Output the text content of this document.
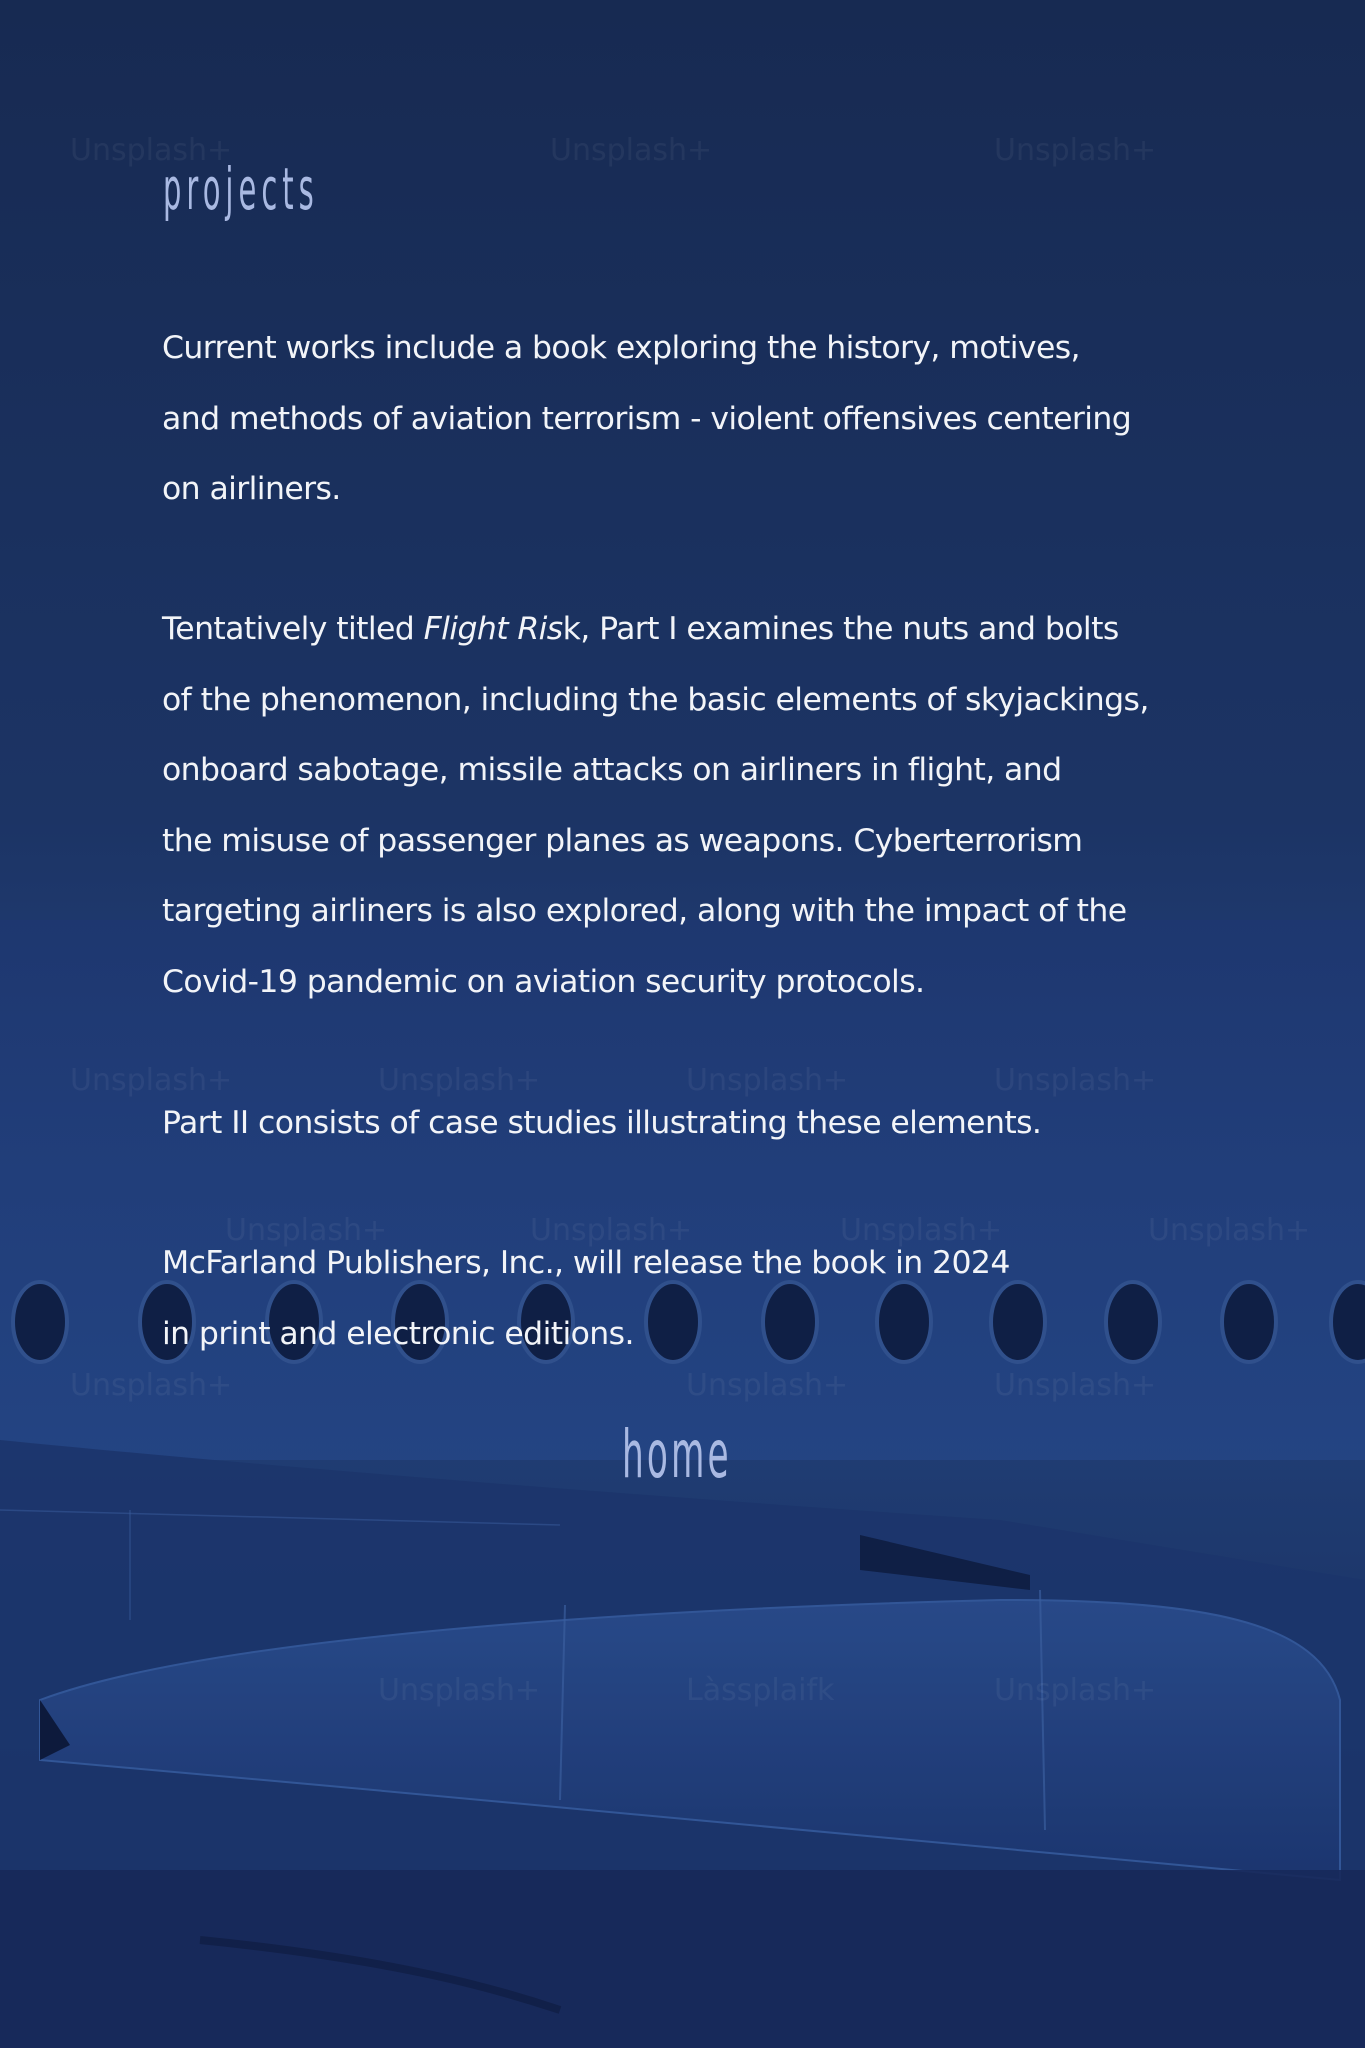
Unsplash+	Unsplash+	Unsplash+	Unsplash+
Unsplash+	Unsplash+	Unsplash+	Unsplash+
Unsplash+	Unsplash+	Unsplash+
Unsplash+	Làssplaifk	Unsplash+
Unsplash+	Unsplash+	Unsplash+
projects

Current works include a book exploring the history, motives,
and methods of aviation terrorism - violent offensives centering
on airliners.

Tentatively titled Flight Risk, Part I examines the nuts and bolts
of the phenomenon, including the basic elements of skyjackings,
onboard sabotage, missile attacks on airliners in flight, and
the misuse of passenger planes as weapons. Cyberterrorism
targeting airliners is also explored, along with the impact of the
Covid-19 pandemic on aviation security protocols.

Part II consists of case studies illustrating these elements.

McFarland Publishers, Inc., will release the book in 2024
in print and electronic editions.

home
